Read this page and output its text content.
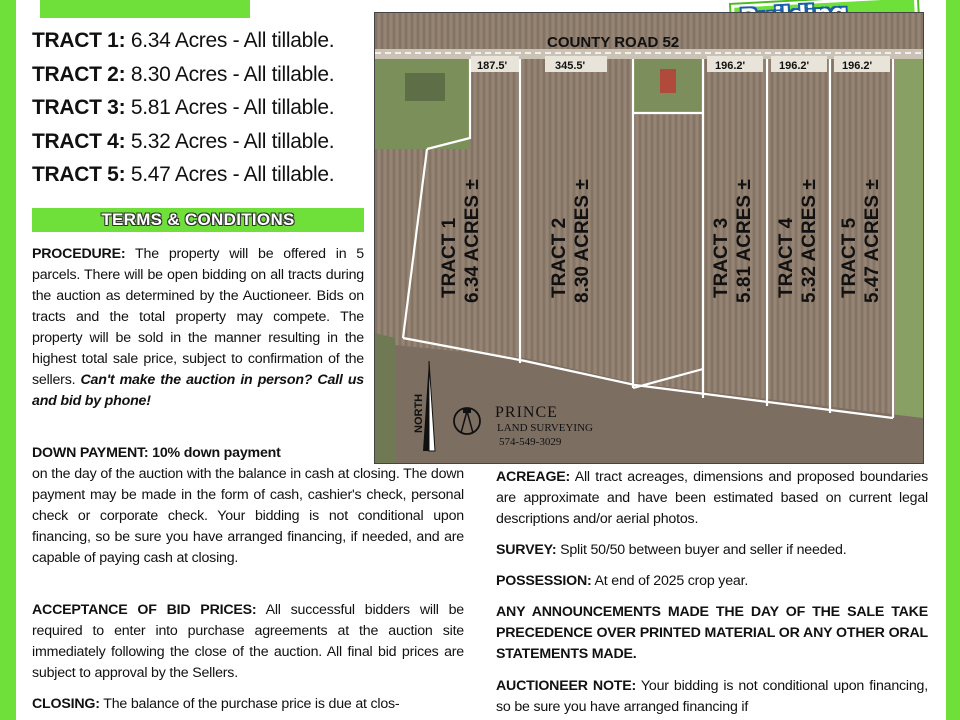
TRACT 1: 6.34 Acres - All tillable.
TRACT 2: 8.30 Acres - All tillable.
TRACT 3: 5.81 Acres - All tillable.
TRACT 4: 5.32 Acres - All tillable.
TRACT 5: 5.47 Acres - All tillable.
TERMS & CONDITIONS
PROCEDURE: The property will be offered in 5 parcels. There will be open bidding on all tracts during the auction as determined by the Auctioneer. Bids on tracts and the total property may compete. The property will be sold in the manner resulting in the highest total sale price, subject to confirmation of the sellers. Can't make the auction in person? Call us and bid by phone!
DOWN PAYMENT: 10% down payment
on the day of the auction with the balance in cash at closing. The down payment may be made in the form of cash, cashier's check, personal check or corporate check. Your bidding is not conditional upon financing, so be sure you have arranged financing, if needed, and are capable of paying cash at closing.
ACCEPTANCE OF BID PRICES: All successful bidders will be required to enter into purchase agreements at the auction site immediately following the close of the auction. All final bid prices are subject to approval by the Sellers.
CLOSING: The balance of the purchase price is due at clos-
ACREAGE: All tract acreages, dimensions and proposed boundaries are approximate and have been estimated based on current legal descriptions and/or aerial photos.
SURVEY: Split 50/50 between buyer and seller if needed.
POSSESSION: At end of 2025 crop year.
ANY ANNOUNCEMENTS MADE THE DAY OF THE SALE TAKE PRECEDENCE OVER PRINTED MATERIAL OR ANY OTHER ORAL STATEMENTS MADE.
AUCTIONEER NOTE: Your bidding is not conditional upon financing, so be sure you have arranged financing if
COUNTY ROAD 52
187.5'	345.5'	196.2'	196.2'	196.2'
TRACT 1 6.34 ACRES ±	TRACT 2 8.30 ACRES ±	TRACT 3 5.81 ACRES ± TRACT 4 5.32 ACRES ± TRACT 5 5.47 ACRES ±
NORTH	PRINCE
LAND SURVEYING
574-549-3029
